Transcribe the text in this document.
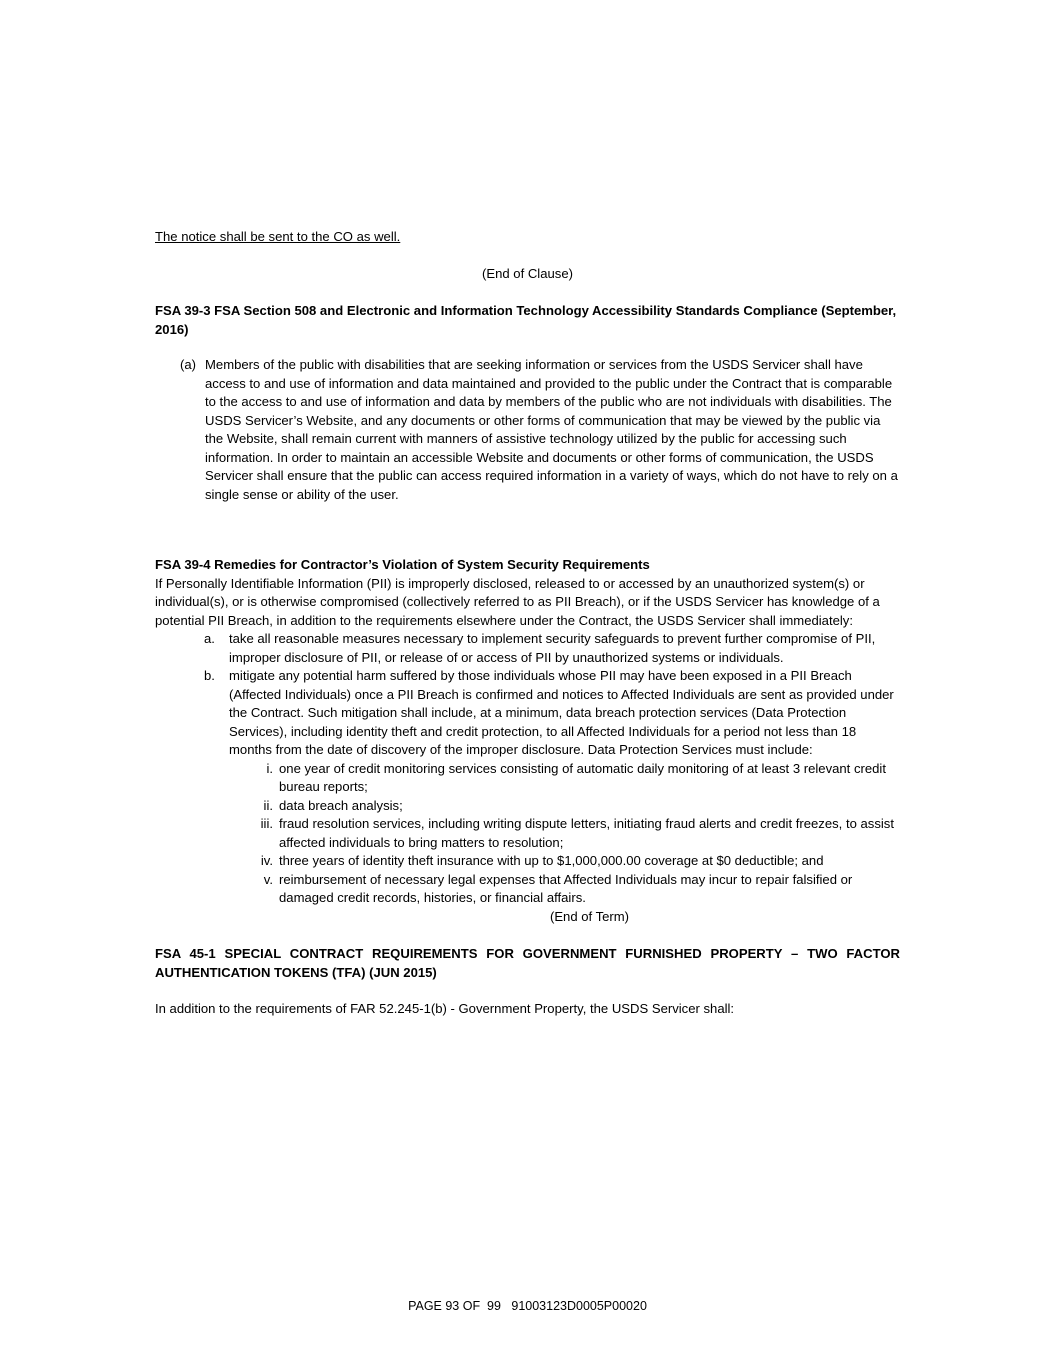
The notice shall be sent to the CO as well.

(End of Clause)

FSA 39-3 FSA Section 508 and Electronic and Information Technology Accessibility Standards Compliance (September, 2016)

(a) Members of the public with disabilities that are seeking information or services from the USDS Servicer shall have access to and use of information and data maintained and provided to the public under the Contract that is comparable to the access to and use of information and data by members of the public who are not individuals with disabilities. The USDS Servicer’s Website, and any documents or other forms of communication that may be viewed by the public via the Website, shall remain current with manners of assistive technology utilized by the public for accessing such information. In order to maintain an accessible Website and documents or other forms of communication, the USDS Servicer shall ensure that the public can access required information in a variety of ways, which do not have to rely on a single sense or ability of the user.

FSA 39-4 Remedies for Contractor’s Violation of System Security Requirements

If Personally Identifiable Information (PII) is improperly disclosed, released to or accessed by an unauthorized system(s) or individual(s), or is otherwise compromised (collectively referred to as PII Breach), or if the USDS Servicer has knowledge of a potential PII Breach, in addition to the requirements elsewhere under the Contract, the USDS Servicer shall immediately:

a. take all reasonable measures necessary to implement security safeguards to prevent further compromise of PII, improper disclosure of PII, or release of or access of PII by unauthorized systems or individuals.

b. mitigate any potential harm suffered by those individuals whose PII may have been exposed in a PII Breach (Affected Individuals) once a PII Breach is confirmed and notices to Affected Individuals are sent as provided under the Contract. Such mitigation shall include, at a minimum, data breach protection services (Data Protection Services), including identity theft and credit protection, to all Affected Individuals for a period not less than 18 months from the date of discovery of the improper disclosure. Data Protection Services must include:

i. one year of credit monitoring services consisting of automatic daily monitoring of at least 3 relevant credit bureau reports;

ii. data breach analysis;

iii. fraud resolution services, including writing dispute letters, initiating fraud alerts and credit freezes, to assist affected individuals to bring matters to resolution;

iv. three years of identity theft insurance with up to $1,000,000.00 coverage at $0 deductible; and

v. reimbursement of necessary legal expenses that Affected Individuals may incur to repair falsified or damaged credit records, histories, or financial affairs.

(End of Term)

FSA 45-1 SPECIAL CONTRACT REQUIREMENTS FOR GOVERNMENT FURNISHED PROPERTY – TWO FACTOR AUTHENTICATION TOKENS (TFA) (JUN 2015)

In addition to the requirements of FAR 52.245-1(b) - Government Property, the USDS Servicer shall:

PAGE 93 OF  99   91003123D0005P00020
